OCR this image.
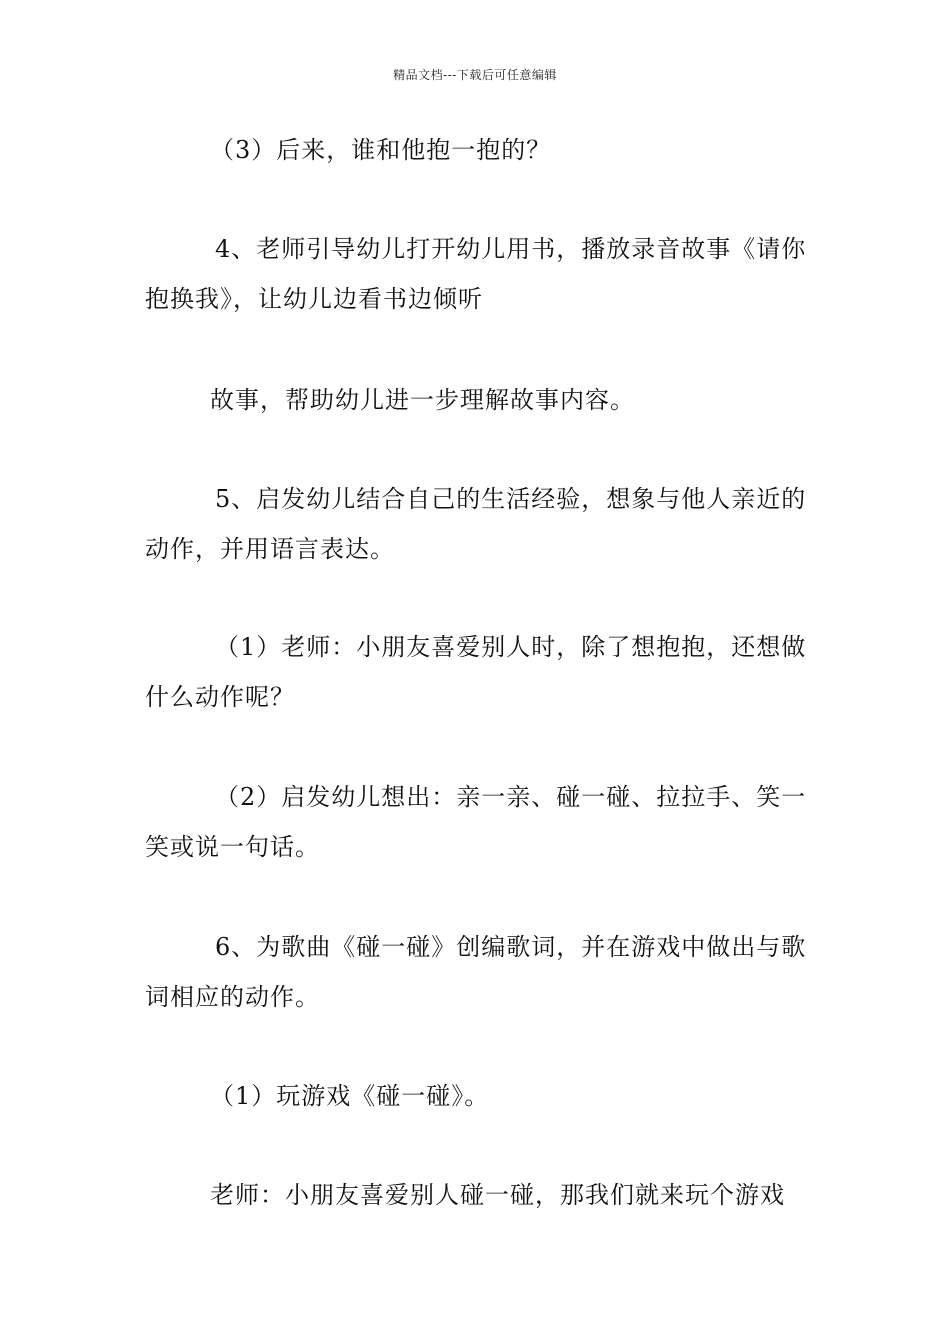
精品文档---下载后可任意编辑

（3）后来，谁和他抱一抱的？

4、老师引导幼儿打开幼儿用书，播放录音故事《请你抱换我》，让幼儿边看书边倾听

故事，帮助幼儿进一步理解故事内容。

5、启发幼儿结合自己的生活经验，想象与他人亲近的动作，并用语言表达。

（1）老师：小朋友喜爱别人时，除了想抱抱，还想做什么动作呢？

（2）启发幼儿想出：亲一亲、碰一碰、拉拉手、笑一笑或说一句话。

6、为歌曲《碰一碰》创编歌词，并在游戏中做出与歌词相应的动作。

（1）玩游戏《碰一碰》。

老师：小朋友喜爱别人碰一碰，那我们就来玩个游戏
